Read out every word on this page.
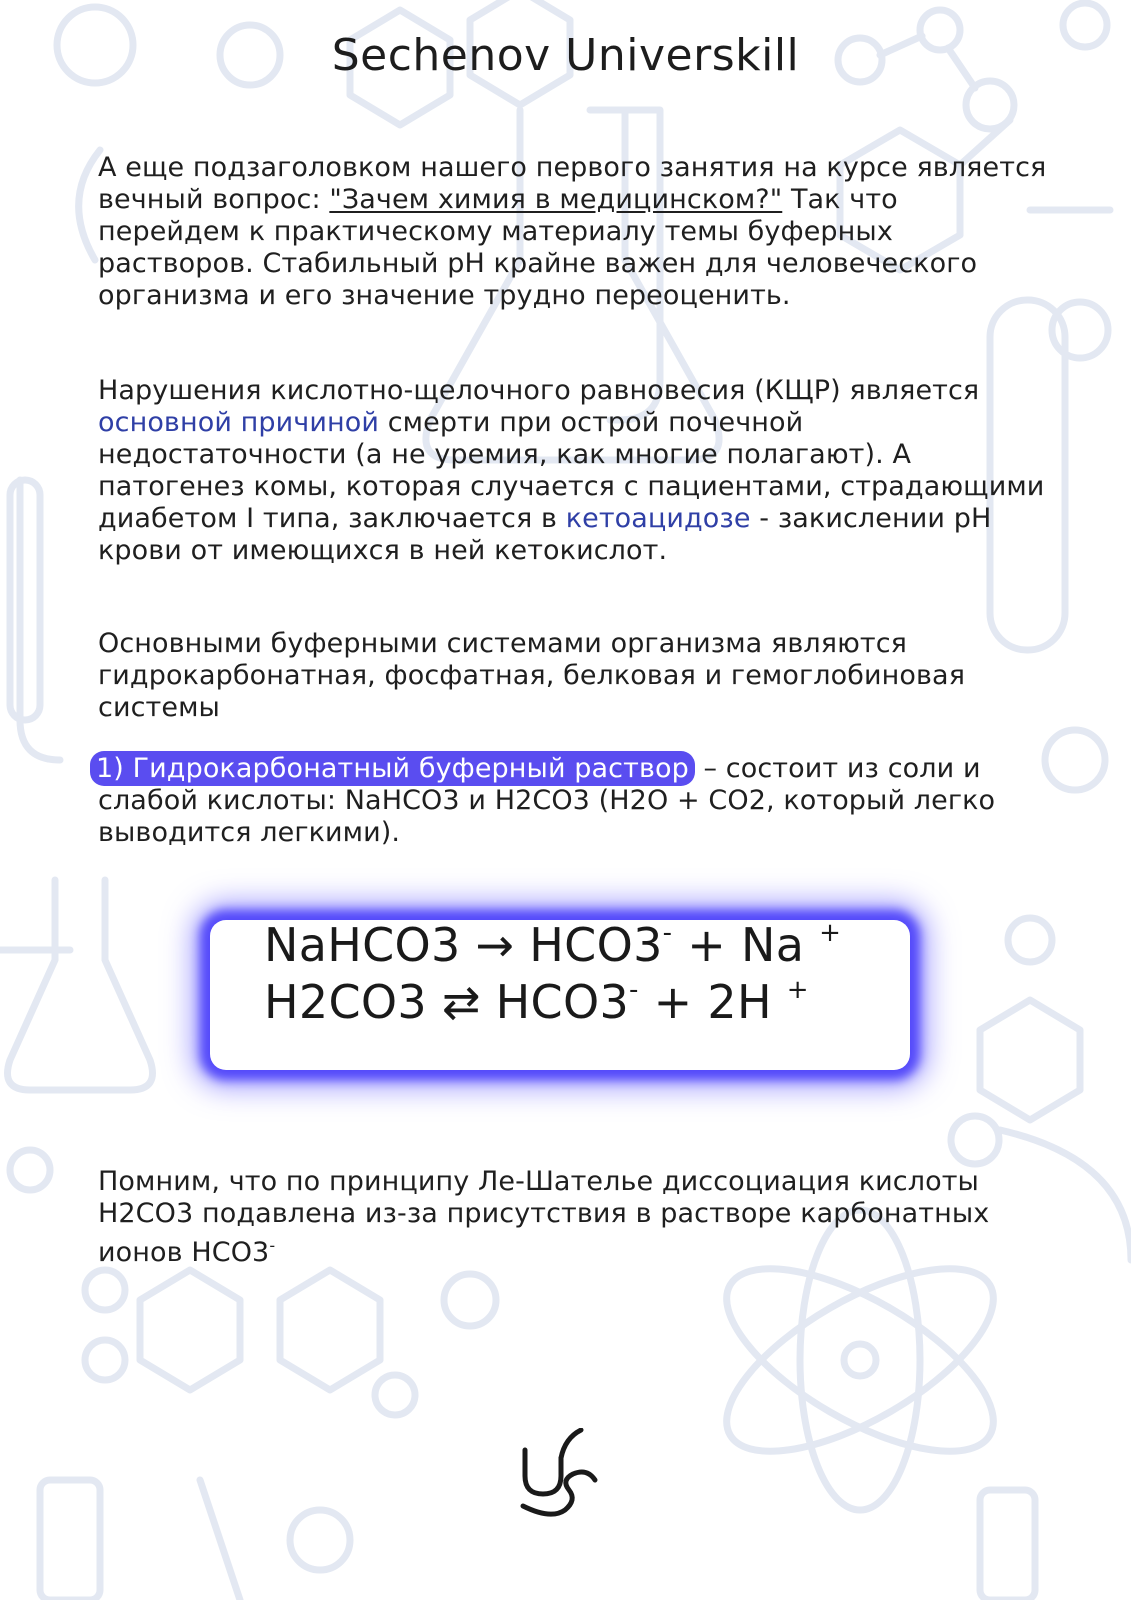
Sechenov Universkill
А еще подзаголовком нашего первого занятия на курсе является вечный вопрос: "Зачем химия в медицинском?" Так что перейдем к практическому материалу темы буферных растворов. Стабильный pH крайне важен для человеческого организма и его значение трудно переоценить.
Нарушения кислотно-щелочного равновесия (КЩР) является основной причиной смерти при острой почечной недостаточности (а не уремия, как многие полагают). А патогенез комы, которая случается с пациентами, страдающими диабетом I типа, заключается в кетоацидозе - закислении pH крови от имеющихся в ней кетокислот.
Основными буферными системами организма являются гидрокарбонатная, фосфатная, белковая и гемоглобиновая системы
1) Гидрокарбонатный буферный раствор – состоит из соли и слабой кислоты: NaHCO3 и H2CO3 (H2O + CO2, который легко выводится легкими).
NaHCO3 → HCO3- + Na +
H2CO3 ⇄ HCO3- + 2H +
Помним, что по принципу Ле-Шателье диссоциация кислоты H2CO3 подавлена из-за присутствия в растворе карбонатных ионов HCO3-
